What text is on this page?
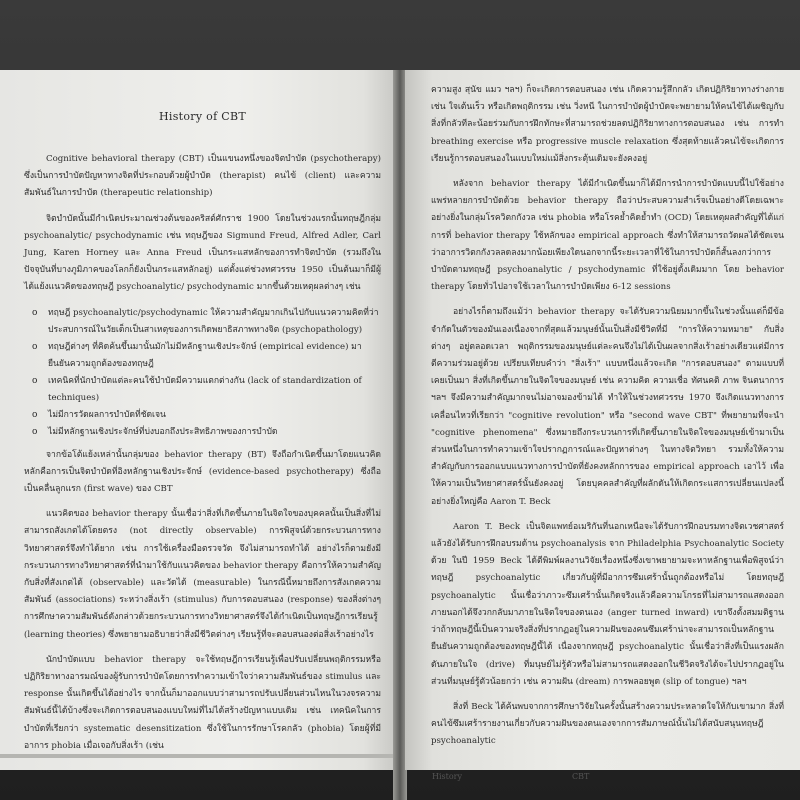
History of CBT

Cognitive behavioral therapy (CBT) เป็นแขนงหนึ่งของจิตบำบัด (psychotherapy) ซึ่งเป็นการบำบัดปัญหาทางจิตที่ประกอบด้วยผู้บำบัด (therapist) คนไข้ (client) และความสัมพันธ์ในการบำบัด (therapeutic relationship)

จิตบำบัดนั้นมีกำเนิดประมาณช่วงต้นของคริสต์ศักราช 1900 โดยในช่วงแรกนั้นทฤษฎีกลุ่ม psychoanalytic/ psychodynamic เช่น ทฤษฎีของ Sigmund Freud, Alfred Adler, Carl Jung, Karen Horney และ Anna Freud เป็นกระแสหลักของการทำจิตบำบัด (รวมถึงในปัจจุบันที่บางภูมิภาคของโลกก็ยังเป็นกระแสหลักอยู่) แต่ตั้งแต่ช่วงทศวรรษ 1950 เป็นต้นมาก็มีผู้ได้แย้งแนวคิดของทฤษฎี psychoanalytic/ psychodynamic มากขึ้นด้วยเหตุผลต่างๆ เช่น

o ทฤษฎี psychoanalytic/psychodynamic ให้ความสำคัญมากเกินไปกับแนวความคิดที่ว่าประสบการณ์ในวัยเด็กเป็นสาเหตุของการเกิดพยาธิสภาพทางจิต (psychopathology)
o ทฤษฎีต่างๆ ที่คิดค้นขึ้นมานั้นมักไม่มีหลักฐานเชิงประจักษ์ (empirical evidence) มายืนยันความถูกต้องของทฤษฎี
o เทคนิคที่นักบำบัดแต่ละคนใช้บำบัดมีความแตกต่างกัน (lack of standardization of techniques)
o ไม่มีการวัดผลการบำบัดที่ชัดเจน
o ไม่มีหลักฐานเชิงประจักษ์ที่บ่งบอกถึงประสิทธิภาพของการบำบัด

จากข้อโต้แย้งเหล่านั้นกลุ่มของ behavior therapy (BT) จึงถือกำเนิดขึ้นมาโดยแนวคิดหลักคือการเป็นจิตบำบัดที่อิงหลักฐานเชิงประจักษ์ (evidence-based psychotherapy) ซึ่งถือเป็นคลื่นลูกแรก (first wave) ของ CBT

แนวคิดของ behavior therapy นั้นเชื่อว่าสิ่งที่เกิดขึ้นภายในจิตใจของบุคคลนั้นเป็นสิ่งที่ไม่สามารถสังเกตได้โดยตรง (not directly observable) การพิสูจน์ด้วยกระบวนการทางวิทยาศาสตร์จึงทำได้ยาก เช่น การใช้เครื่องมือตรวจวัด จึงไม่สามารถทำได้ อย่างไรก็ตามยังมีกระบวนการทางวิทยาศาสตร์ที่นำมาใช้กับแนวคิดของ behavior therapy คือการให้ความสำคัญกับสิ่งที่สังเกตได้ (observable) และวัดได้ (measurable) ในกรณีนี้หมายถึงการสังเกตความสัมพันธ์ (associations) ระหว่างสิ่งเร้า (stimulus) กับการตอบสนอง (response) ของสิ่งต่างๆ การศึกษาความสัมพันธ์ดังกล่าวด้วยกระบวนการทางวิทยาศาสตร์จึงได้กำเนิดเป็นทฤษฎีการเรียนรู้ (learning theories) ซึ่งพยายามอธิบายว่าสิ่งมีชีวิตต่างๆ เรียนรู้ที่จะตอบสนองต่อสิ่งเร้าอย่างไร

นักบำบัดแบบ behavior therapy จะใช้ทฤษฎีการเรียนรู้เพื่อปรับเปลี่ยนพฤติกรรมหรือปฏิกิริยาทางอารมณ์ของผู้รับการบำบัดโดยการทำความเข้าใจว่าความสัมพันธ์ของ stimulus และ response นั้นเกิดขึ้นได้อย่างไร จากนั้นก็มาออกแบบว่าสามารถปรับเปลี่ยนส่วนไหนในวงจรความสัมพันธ์นี้ได้บ้างซึ่งจะเกิดการตอบสนองแบบใหม่ที่ไม่ได้สร้างปัญหาแบบเดิม เช่น เทคนิคในการบำบัดที่เรียกว่า systematic desensitization ซึ่งใช้ในการรักษาโรคกลัว (phobia) โดยผู้ที่มีอาการ phobia เมื่อเจอกับสิ่งเร้า (เช่น

ความสูง สุนัข แมว ฯลฯ) ก็จะเกิดการตอบสนอง เช่น เกิดความรู้สึกกลัว เกิดปฏิกิริยาทางร่างกาย เช่น ใจเต้นเร็ว หรือเกิดพฤติกรรม เช่น วิ่งหนี ในการบำบัดผู้บำบัดจะพยายามให้คนไข้ได้เผชิญกับสิ่งที่กลัวทีละน้อยร่วมกับการฝึกทักษะที่สามารถช่วยลดปฏิกิริยาทางการตอบสนอง เช่น การทำ breathing exercise หรือ progressive muscle relaxation ซึ่งสุดท้ายแล้วคนไข้จะเกิดการเรียนรู้การตอบสนองในแบบใหม่แม้สิ่งกระตุ้นเดิมจะยังคงอยู่

หลังจาก behavior therapy ได้มีกำเนิดขึ้นมาก็ได้มีการนำการบำบัดแบบนี้ไปใช้อย่างแพร่หลายการบำบัดด้วย behavior therapy ถือว่าประสบความสำเร็จเป็นอย่างดีโดยเฉพาะอย่างยิ่งในกลุ่มโรควิตกกังวล เช่น phobia หรือโรคย้ำคิดย้ำทำ (OCD) โดยเหตุผลสำคัญที่ได้แก่การที่ behavior therapy ใช้หลักของ empirical approach ซึ่งทำให้สามารถวัดผลได้ชัดเจนว่าอาการวิตกกังวลลดลงมากน้อยเพียงใดนอกจากนี้ระยะเวลาที่ใช้ในการบำบัดก็สั้นลงกว่าการบำบัดตามทฤษฎี psychoanalytic / psychodynamic ที่ใช้อยู่ดั้งเดิมมาก โดย behavior therapy โดยทั่วไปอาจใช้เวลาในการบำบัดเพียง 6-12 sessions

อย่างไรก็ตามถึงแม้ว่า behavior therapy จะได้รับความนิยมมากขึ้นในช่วงนั้นแต่ก็มีข้อจำกัดในตัวของมันเองเนื่องจากที่สุดแล้วมนุษย์นั้นเป็นสิ่งมีชีวิตที่มี "การให้ความหมาย" กับสิ่งต่างๆ อยู่ตลอดเวลา พฤติกรรมของมนุษย์แต่ละคนจึงไม่ได้เป็นผลจากสิ่งเร้าอย่างเดียวแต่มีการตีความร่วมอยู่ด้วย เปรียบเทียบคำว่า "สิ่งเร้า" แบบหนึ่งแล้วจะเกิด "การตอบสนอง" ตามแบบที่เคยเป็นมา สิ่งที่เกิดขึ้นภายในจิตใจของมนุษย์ เช่น ความคิด ความเชื่อ ทัศนคติ ภาพ จินตนาการ ฯลฯ จึงมีความสำคัญมากจนไม่อาจมองข้ามได้ ทำให้ในช่วงทศวรรษ 1970 จึงเกิดแนวทางการเคลื่อนไหวที่เรียกว่า "cognitive revolution" หรือ "second wave CBT" ที่พยายามที่จะนำ "cognitive phenomena" ซึ่งหมายถึงกระบวนการที่เกิดขึ้นภายในจิตใจของมนุษย์เข้ามาเป็นส่วนหนึ่งในการทำความเข้าใจปรากฏการณ์และปัญหาต่างๆ ในทางจิตวิทยา รวมทั้งให้ความสำคัญกับการออกแบบแนวทางการบำบัดที่ยังคงหลักการของ empirical approach เอาไว้ เพื่อให้ความเป็นวิทยาศาสตร์นั้นยังคงอยู่ โดยบุคคลสำคัญที่ผลักดันให้เกิดกระแสการเปลี่ยนแปลงนี้อย่างยิ่งใหญ่คือ Aaron T. Beck

Aaron T. Beck เป็นจิตแพทย์อเมริกันที่นอกเหนือจะได้รับการฝึกอบรมทางจิตเวชศาสตร์แล้วยังได้รับการฝึกอบรมด้าน psychoanalysis จาก Philadelphia Psychoanalytic Society ด้วย ในปี 1959 Beck ได้ตีพิมพ์ผลงานวิจัยเรื่องหนึ่งซึ่งเขาพยายามจะหาหลักฐานเพื่อพิสูจน์ว่าทฤษฎี psychoanalytic เกี่ยวกับผู้ที่มีอาการซึมเศร้านั้นถูกต้องหรือไม่ โดยทฤษฎี psychoanalytic นั้นเชื่อว่าภาวะซึมเศร้านั้นเกิดจริงแล้วคือความโกรธที่ไม่สามารถแสดงออกภายนอกได้จึงวกกลับมาภายในจิตใจของตนเอง (anger turned inward) เขาจึงตั้งสมมติฐานว่าถ้าทฤษฎีนี้เป็นความจริงสิ่งที่ปรากฏอยู่ในความฝันของคนซึมเศร้าน่าจะสามารถเป็นหลักฐานยืนยันความถูกต้องของทฤษฎีนี้ได้ เนื่องจากทฤษฎี psychoanalytic นั้นเชื่อว่าสิ่งที่เป็นแรงผลักดันภายในใจ (drive) ที่มนุษย์ไม่รู้ตัวหรือไม่สามารถแสดงออกในชีวิตจริงได้จะไปปรากฏอยู่ในส่วนที่มนุษย์รู้ตัวน้อยกว่า เช่น ความฝัน (dream) การพลอยพูด (slip of tongue) ฯลฯ

สิ่งที่ Beck ได้ค้นพบจากการศึกษาวิจัยในครั้งนั้นสร้างความประหลาดใจให้กับเขามาก สิ่งที่คนไข้ซึมเศร้ารายงานเกี่ยวกับความฝันของตนเองจากการสัมภาษณ์นั้นไม่ได้สนับสนุนทฤษฎี psychoanalytic

History	CBT
